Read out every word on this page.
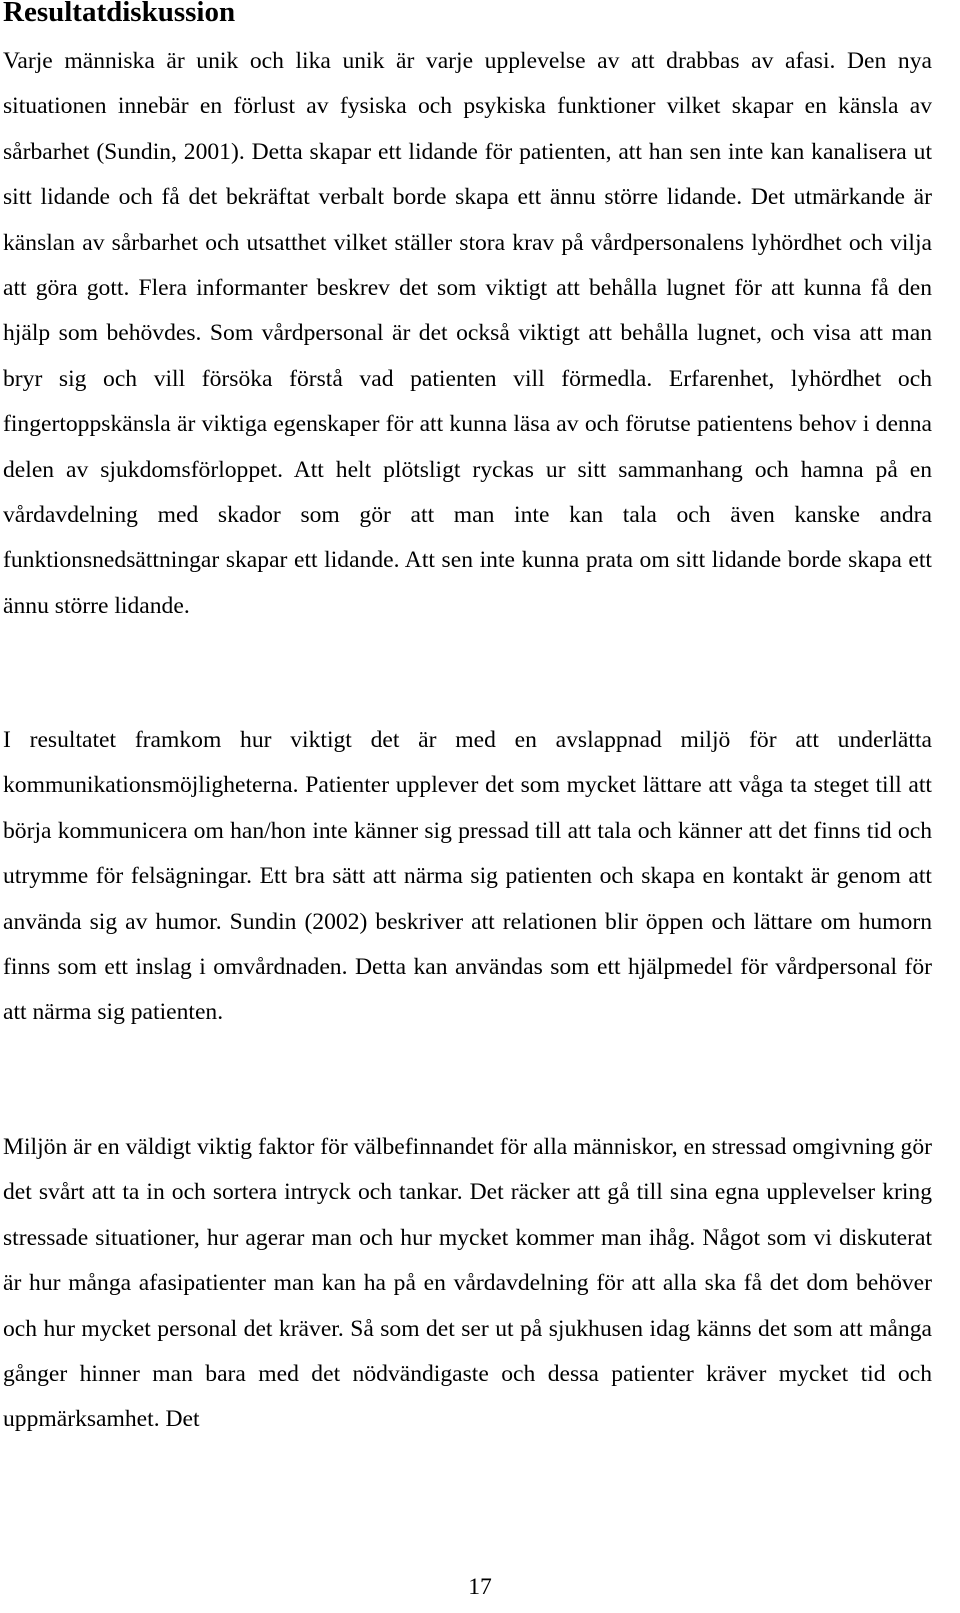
Resultatdiskussion

Varje människa är unik och lika unik är varje upplevelse av att drabbas av afasi. Den nya situationen innebär en förlust av fysiska och psykiska funktioner vilket skapar en känsla av sårbarhet (Sundin, 2001). Detta skapar ett lidande för patienten, att han sen inte kan kanalisera ut sitt lidande och få det bekräftat verbalt borde skapa ett ännu större lidande. Det utmärkande är känslan av sårbarhet och utsatthet vilket ställer stora krav på vårdpersonalens lyhördhet och vilja att göra gott. Flera informanter beskrev det som viktigt att behålla lugnet för att kunna få den hjälp som behövdes. Som vårdpersonal är det också viktigt att behålla lugnet, och visa att man bryr sig och vill försöka förstå vad patienten vill förmedla. Erfarenhet, lyhördhet och fingertoppskänsla är viktiga egenskaper för att kunna läsa av och förutse patientens behov i denna delen av sjukdomsförloppet. Att helt plötsligt ryckas ur sitt sammanhang och hamna på en vårdavdelning med skador som gör att man inte kan tala och även kanske andra funktionsnedsättningar skapar ett lidande. Att sen inte kunna prata om sitt lidande borde skapa ett ännu större lidande.

I resultatet framkom hur viktigt det är med en avslappnad miljö för att underlätta kommunikationsmöjligheterna. Patienter upplever det som mycket lättare att våga ta steget till att börja kommunicera om han/hon inte känner sig pressad till att tala och känner att det finns tid och utrymme för felsägningar. Ett bra sätt att närma sig patienten och skapa en kontakt är genom att använda sig av humor. Sundin (2002) beskriver att relationen blir öppen och lättare om humorn finns som ett inslag i omvårdnaden. Detta kan användas som ett hjälpmedel för vårdpersonal för att närma sig patienten.

Miljön är en väldigt viktig faktor för välbefinnandet för alla människor, en stressad omgivning gör det svårt att ta in och sortera intryck och tankar. Det räcker att gå till sina egna upplevelser kring stressade situationer, hur agerar man och hur mycket kommer man ihåg. Något som vi diskuterat är hur många afasipatienter man kan ha på en vårdavdelning för att alla ska få det dom behöver och hur mycket personal det kräver. Så som det ser ut på sjukhusen idag känns det som att många gånger hinner man bara med det nödvändigaste och dessa patienter kräver mycket tid och uppmärksamhet. Det

17
